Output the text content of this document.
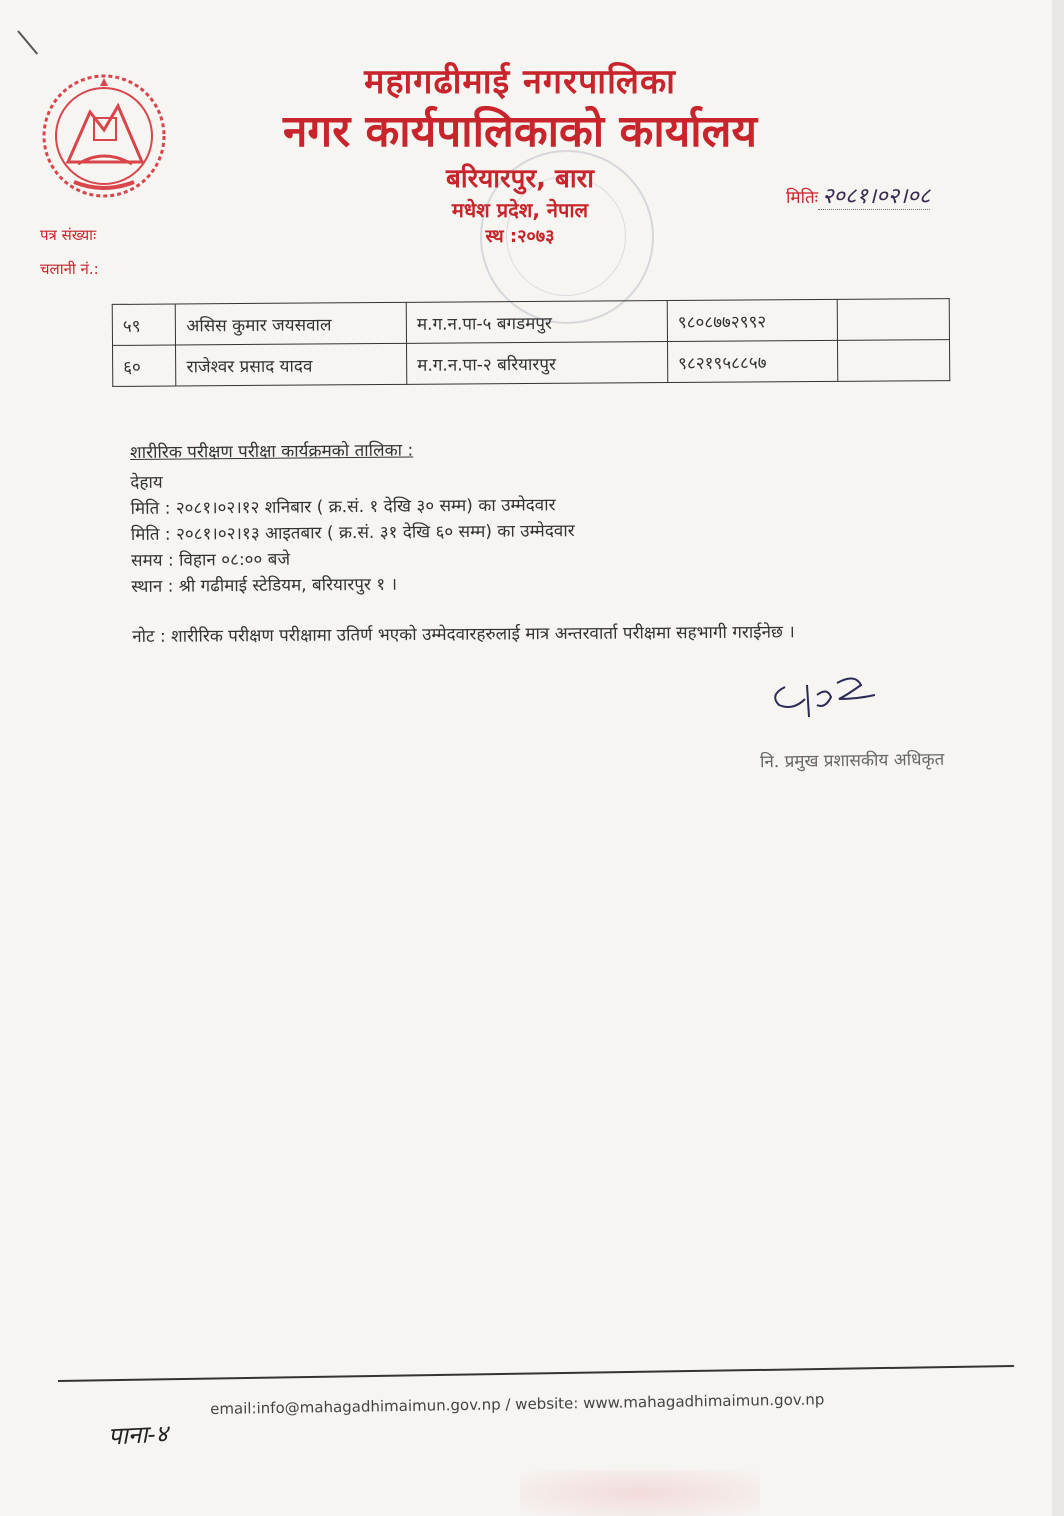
महागढीमाई नगरपालिका
नगर कार्यपालिकाको कार्यालय
बरियारपुर, बारा
मधेश प्रदेश, नेपाल
स्थ :२०७३
पत्र संख्याः
चलानी नं.:
मितिः २०८१।०२।०८
५९	असिस कुमार जयसवाल	म.ग.न.पा-५ बगडमपुर	९८०८७७२९९२	
६०	राजेश्वर प्रसाद यादव	म.ग.न.पा-२ बरियारपुर	९८२१९५८८५७	
शारीरिक परीक्षण परीक्षा कार्यक्रमको तालिका :
देहाय
मिति : २०८१।०२।१२ शनिबार ( क्र.सं. १ देखि ३० सम्म) का उम्मेदवार
मिति : २०८१।०२।१३ आइतबार ( क्र.सं. ३१ देखि ६० सम्म) का उम्मेदवार
समय : विहान ०८:०० बजे
स्थान : श्री गढीमाई स्टेडियम, बरियारपुर १ ।
नोट : शारीरिक परीक्षण परीक्षामा उतिर्ण भएको उम्मेदवारहरुलाई मात्र अन्तरवार्ता परीक्षमा सहभागी गराईनेछ ।
नि. प्रमुख प्रशासकीय अधिकृत
email:info@mahagadhimaimun.gov.np / website: www.mahagadhimaimun.gov.np
पाना-४
